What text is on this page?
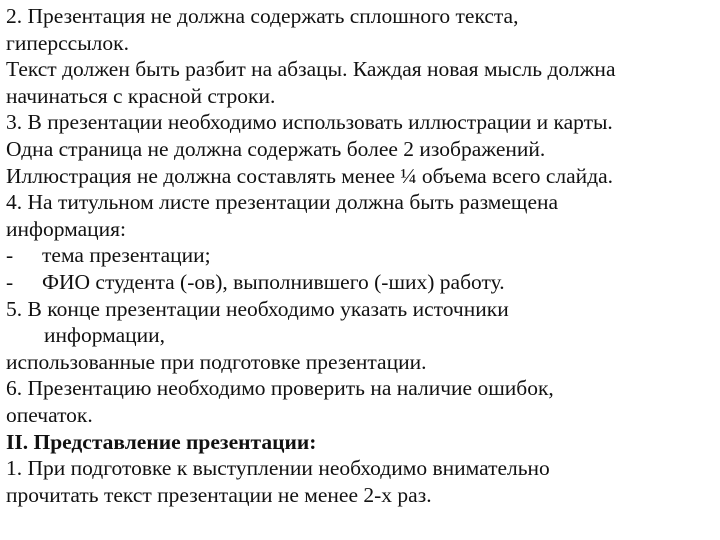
2. Презентация не должна содержать сплошного текста,
гиперссылок.
Текст должен быть разбит на абзацы. Каждая новая мысль должна
начинаться с красной строки.
3. В презентации необходимо использовать иллюстрации и карты.
Одна страница не должна содержать более 2 изображений.
Иллюстрация не должна составлять менее ¼ объема всего слайда.
4. На титульном листе презентации должна быть размещена
информация:
- тема презентации;
- ФИО студента (-ов), выполнившего (-ших) работу.
5. В конце презентации необходимо указать источники
информации,
использованные при подготовке презентации.
6. Презентацию необходимо проверить на наличие ошибок,
опечаток.
II. Представление презентации:
1. При подготовке к выступлении необходимо внимательно
прочитать текст презентации не менее 2-х раз.
